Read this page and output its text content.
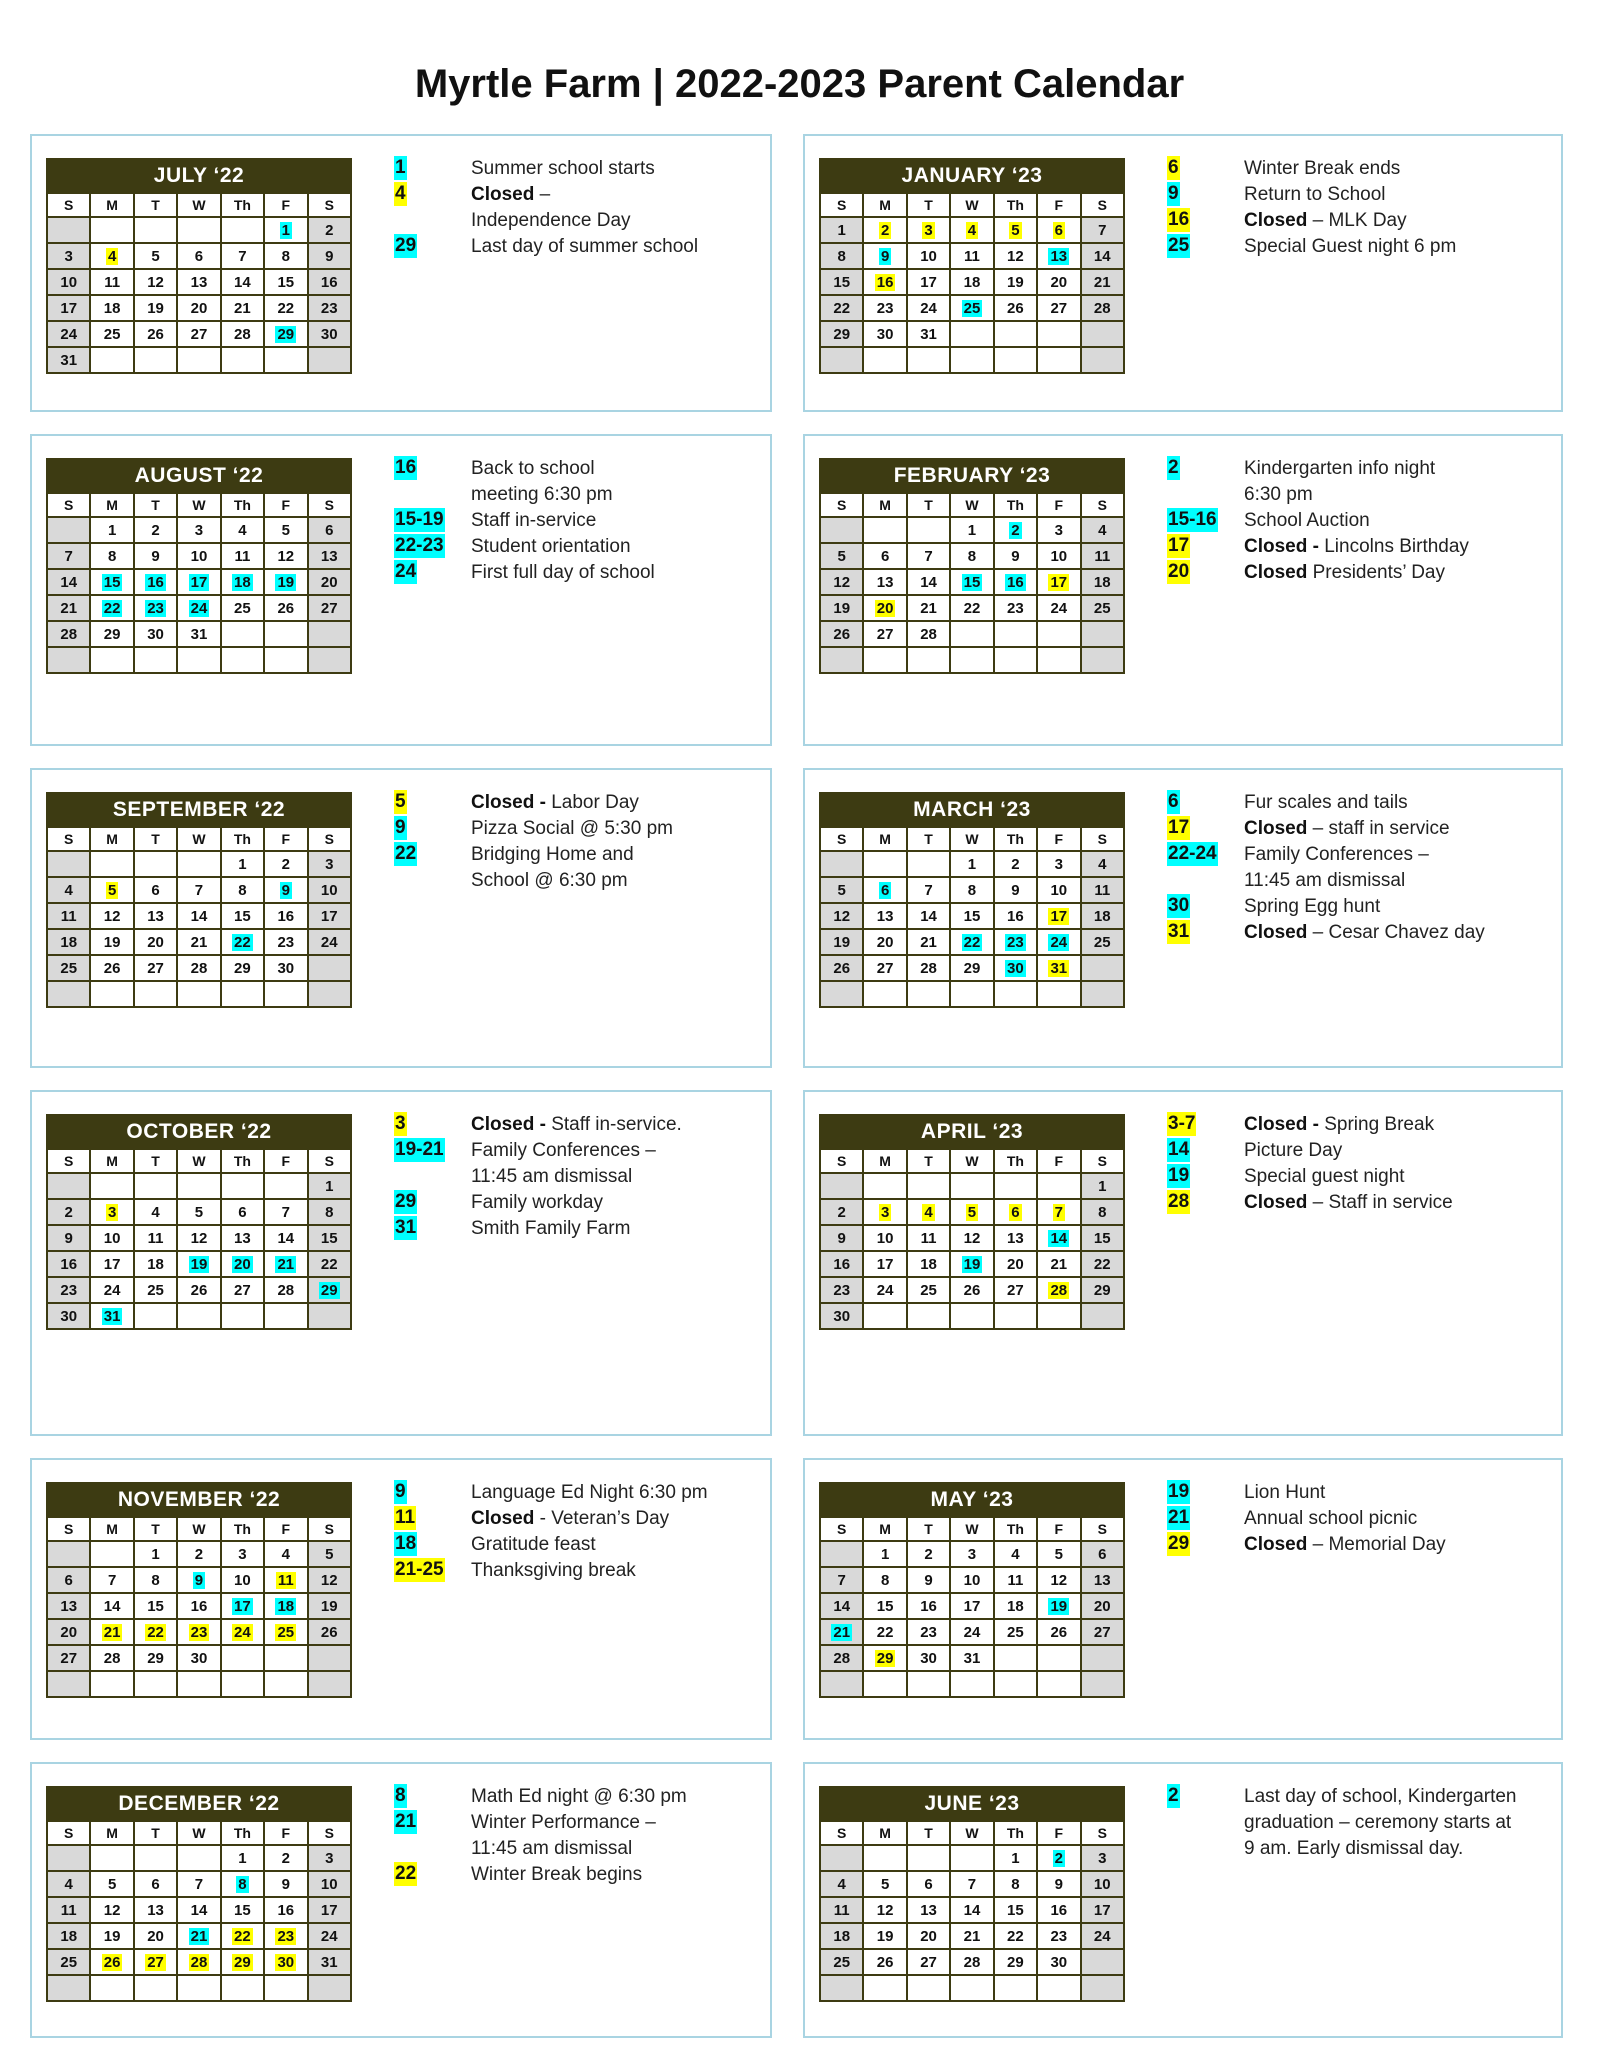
Myrtle Farm | 2022-2023 Parent Calendar
JULY ‘22						
S	M	T	W	Th	F	S
					1	2
3	4	5	6	7	8	9
10	11	12	13	14	15	16
17	18	19	20	21	22	23
24	25	26	27	28	29	30
31						
1	Summer school starts
4	Closed –
Independence Day
29	Last day of summer school
JANUARY ‘23						
S	M	T	W	Th	F	S
1	2	3	4	5	6	7
8	9	10	11	12	13	14
15	16	17	18	19	20	21
22	23	24	25	26	27	28
29	30	31				

6	Winter Break ends
9	Return to School
16	Closed – MLK Day
25	Special Guest night 6 pm
AUGUST ‘22						
S	M	T	W	Th	F	S
	1	2	3	4	5	6
7	8	9	10	11	12	13
14	15	16	17	18	19	20
21	22	23	24	25	26	27
28	29	30	31			

16	Back to school
meeting 6:30 pm
15-19 Staff in-service
22-23 Student orientation
24	First full day of school
FEBRUARY ‘23						
S	M	T	W	Th	F	S
			1	2	3	4
5	6	7	8	9	10	11
12	13	14	15	16	17	18
19	20	21	22	23	24	25
26	27	28				

2	Kindergarten info night
6:30 pm
15-16 School Auction
17	Closed - Lincolns Birthday
20	Closed Presidents’ Day
SEPTEMBER ‘22						
S	M	T	W	Th	F	S
				1	2	3
4	5	6	7	8	9	10
11	12	13	14	15	16	17
18	19	20	21	22	23	24
25	26	27	28	29	30	

5	Closed - Labor Day
9	Pizza Social @ 5:30 pm
22	Bridging Home and
School @ 6:30 pm
MARCH ‘23						
S	M	T	W	Th	F	S
			1	2	3	4
5	6	7	8	9	10	11
12	13	14	15	16	17	18
19	20	21	22	23	24	25
26	27	28	29	30	31	

6	Fur scales and tails
17	Closed – staff in service
22-24 Family Conferences –
11:45 am dismissal
30	Spring Egg hunt
31	Closed – Cesar Chavez day
OCTOBER ‘22						
S	M	T	W	Th	F	S
						1
2	3	4	5	6	7	8
9	10	11	12	13	14	15
16	17	18	19	20	21	22
23	24	25	26	27	28	29
30	31					
3	Closed - Staff in-service.
19-21 Family Conferences –
11:45 am dismissal
29	Family workday
31	Smith Family Farm
APRIL ‘23						
S	M	T	W	Th	F	S
						1
2	3	4	5	6	7	8
9	10	11	12	13	14	15
16	17	18	19	20	21	22
23	24	25	26	27	28	29
30						
3-7	Closed - Spring Break
14	Picture Day
19	Special guest night
28	Closed – Staff in service
NOVEMBER ‘22						
S	M	T	W	Th	F	S
		1	2	3	4	5
6	7	8	9	10	11	12
13	14	15	16	17	18	19
20	21	22	23	24	25	26
27	28	29	30			

9	Language Ed Night 6:30 pm
11	Closed - Veteran’s Day
18	Gratitude feast
21-25 Thanksgiving break
MAY ‘23						
S	M	T	W	Th	F	S
	1	2	3	4	5	6
7	8	9	10	11	12	13
14	15	16	17	18	19	20
21	22	23	24	25	26	27
28	29	30	31			

19	Lion Hunt
21	Annual school picnic
29	Closed – Memorial Day
DECEMBER ‘22						
S	M	T	W	Th	F	S
				1	2	3
4	5	6	7	8	9	10
11	12	13	14	15	16	17
18	19	20	21	22	23	24
25	26	27	28	29	30	31

8	Math Ed night @ 6:30 pm
21	Winter Performance –
11:45 am dismissal
22	Winter Break begins
JUNE ‘23						
S	M	T	W	Th	F	S
				1	2	3
4	5	6	7	8	9	10
11	12	13	14	15	16	17
18	19	20	21	22	23	24
25	26	27	28	29	30	

2	Last day of school, Kindergarten
graduation – ceremony starts at
9 am. Early dismissal day.
